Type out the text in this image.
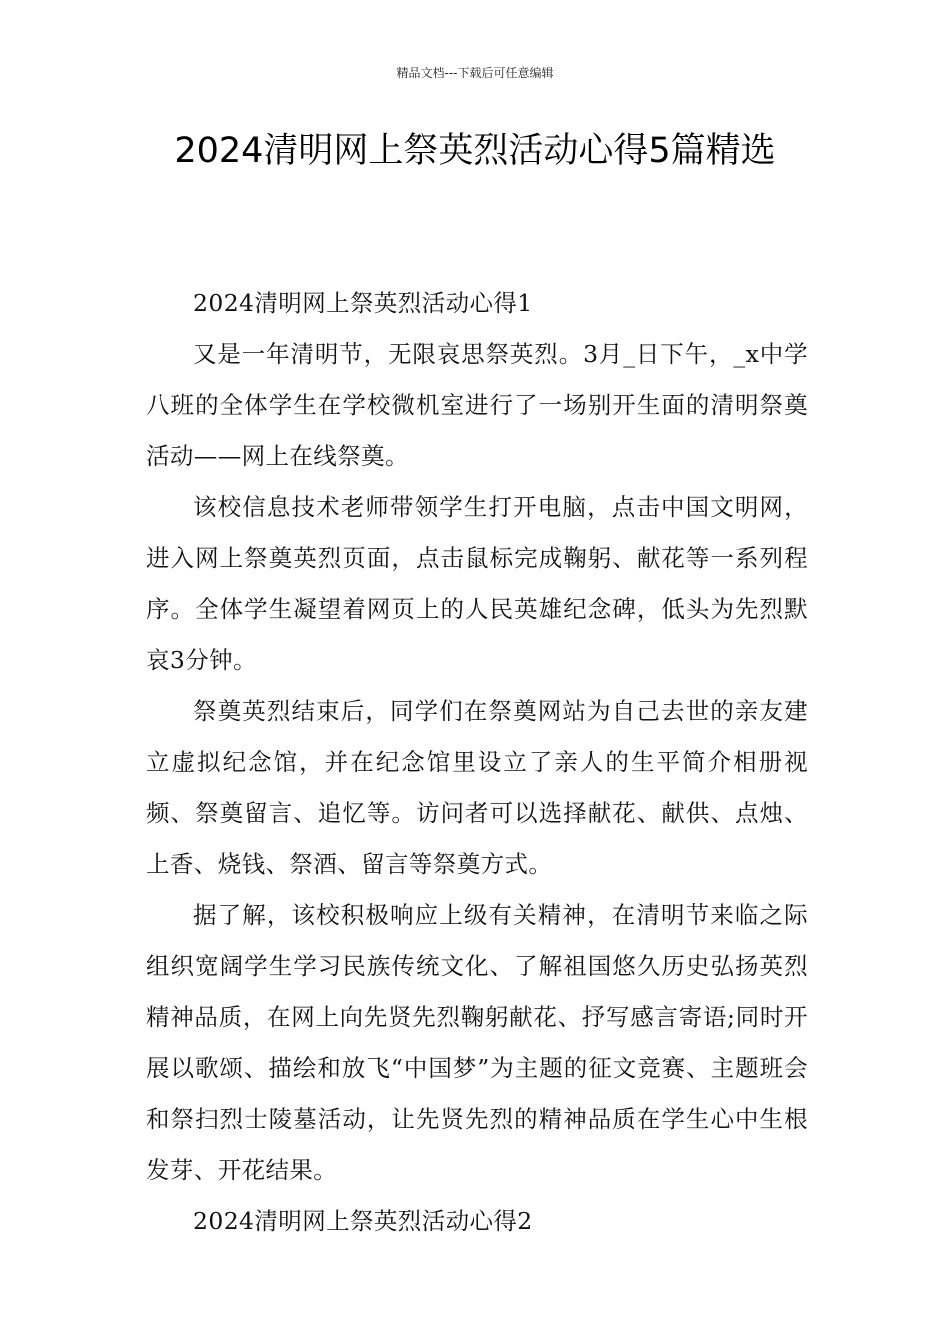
精品文档---下载后可任意编辑
2024清明网上祭英烈活动心得5篇精选

2024清明网上祭英烈活动心得1

又是一年清明节，无限哀思祭英烈。3月_日下午，_x中学八班的全体学生在学校微机室进行了一场别开生面的清明祭奠活动——网上在线祭奠。

该校信息技术老师带领学生打开电脑，点击中国文明网，进入网上祭奠英烈页面，点击鼠标完成鞠躬、献花等一系列程序。全体学生凝望着网页上的人民英雄纪念碑，低头为先烈默哀3分钟。

祭奠英烈结束后，同学们在祭奠网站为自己去世的亲友建立虚拟纪念馆，并在纪念馆里设立了亲人的生平简介相册视频、祭奠留言、追忆等。访问者可以选择献花、献供、点烛、上香、烧钱、祭酒、留言等祭奠方式。

据了解，该校积极响应上级有关精神，在清明节来临之际组织宽阔学生学习民族传统文化、了解祖国悠久历史弘扬英烈精神品质，在网上向先贤先烈鞠躬献花、抒写感言寄语;同时开展以歌颂、描绘和放飞“中国梦”为主题的征文竞赛、主题班会和祭扫烈士陵墓活动，让先贤先烈的精神品质在学生心中生根发芽、开花结果。

2024清明网上祭英烈活动心得2
